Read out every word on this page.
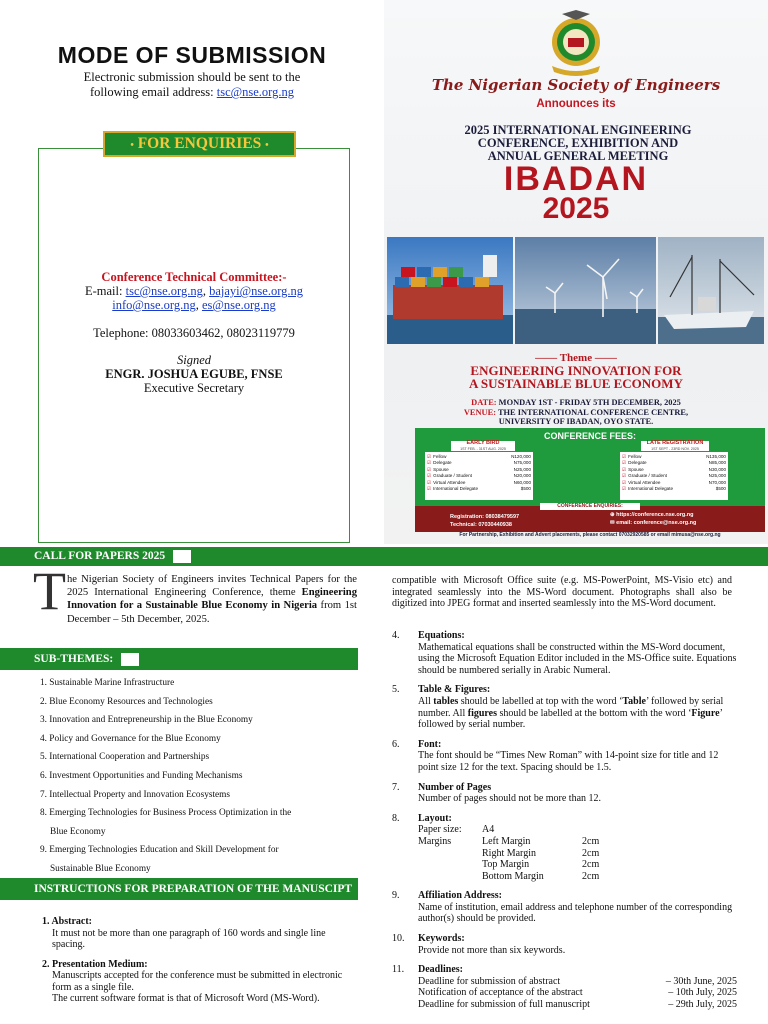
MODE OF SUBMISSION
Electronic submission should be sent to the
following email address: tsc@nse.org.ng
• FOR ENQUIRIES •
Conference Technical Committee:-
E-mail: tsc@nse.org.ng, bajayi@nse.org.ng
info@nse.org.ng, es@nse.org.ng
Telephone: 08033603462, 08023119779
Signed
ENGR. JOSHUA EGUBE, FNSE
Executive Secretary
The Nigerian Society of Engineers
Announces its
2025 INTERNATIONAL ENGINEERING
CONFERENCE, EXHIBITION AND
ANNUAL GENERAL MEETING
IBADAN
2025
—— Theme ——
ENGINEERING INNOVATION FOR
A SUSTAINABLE BLUE ECONOMY
DATE: MONDAY 1ST - FRIDAY 5TH DECEMBER, 2025
VENUE: THE INTERNATIONAL CONFERENCE CENTRE,
UNIVERSITY OF IBADAN, OYO STATE.
CONFERENCE FEES:
EARLY BIRD
1ST FEB. - 31ST AUG. 2025
☑ Fellow	N120,000
☑ Delegate	N75,000
☑ Spouse	N25,000
☑ Graduate / Student	N20,000
☑ Virtual Attendee	N60,000
☑ International Delegate	$500
LATE REGISTRATION
1ST SEPT - 23RD NOV. 2025
☑ Fellow	N135,000
☑ Delegate	N85,000
☑ Spouse	N30,000
☑ Graduate / Student	N25,000
☑ Virtual Attendee	N70,000
☑ International Delegate	$500
CONFERENCE ENQUIRIES:
Registration: 08038479597
Technical: 07030440938
⊕ https://conference.nse.org.ng
✉ email: conference@nse.org.ng
For Partnership, Exhibition and Advert placements, please contact 07032920585 or email mimusa@nse.org.ng
CALL FOR PAPERS 2025
T he Nigerian Society of Engineers invites Technical Papers for the 2025 International Engineering Conference, theme Engineering Innovation for a Sustainable Blue Economy in Nigeria from 1st December – 5th December, 2025.
SUB-THEMES:
1. Sustainable Marine Infrastructure
2. Blue Economy Resources and Technologies
3. Innovation and Entrepreneurship in the Blue Economy
4. Policy and Governance for the Blue Economy
5. International Cooperation and Partnerships
6. Investment Opportunities and Funding Mechanisms
7. Intellectual Property and Innovation Ecosystems
8. Emerging Technologies for Business Process Optimization in the
Blue Economy
9. Emerging Technologies Education and Skill Development for
Sustainable Blue Economy
INSTRUCTIONS FOR PREPARATION OF THE MANUSCIPT
1. Abstract:
It must not be more than one paragraph of 160 words and single line spacing.
2. Presentation Medium:
Manuscripts accepted for the conference must be submitted in electronic form as a single file.
The current software format is that of Microsoft Word (MS-Word).
compatible with Microsoft Office suite (e.g. MS-PowerPoint, MS-Visio etc) and integrated seamlessly into the MS-Word document. Photographs shall also be digitized into JPEG format and inserted seamlessly into the MS-Word document.
4.	Equations:
Mathematical equations shall be constructed within the MS-Word document, using the Microsoft Equation Editor included in the MS-Office suite. Equations should be numbered serially in Arabic Numeral.
5.	Table & Figures:
All tables should be labelled at top with the word ‘Table’ followed by serial number. All figures should be labelled at the bottom with the word ‘Figure’ followed by serial number.
6.	Font:
The font should be “Times New Roman” with 14-point size for title and 12 point size 12 for the text. Spacing should be 1.5.
7.	Number of Pages
Number of pages should not be more than 12.
8.	Layout:
Paper size:	A4
Margins	Left Margin	2cm
Right Margin	2cm
Top Margin	2cm
Bottom Margin	2cm
9.	Affiliation Address:
Name of institution, email address and telephone number of the corresponding author(s) should be provided.
10.	Keywords:
Provide not more than six keywords.
11.	Deadlines:
Deadline for submission of abstract	– 30th June, 2025
Notification of acceptance of the abstract	– 10th July, 2025
Deadline for submission of full manuscript	– 29th July, 2025
